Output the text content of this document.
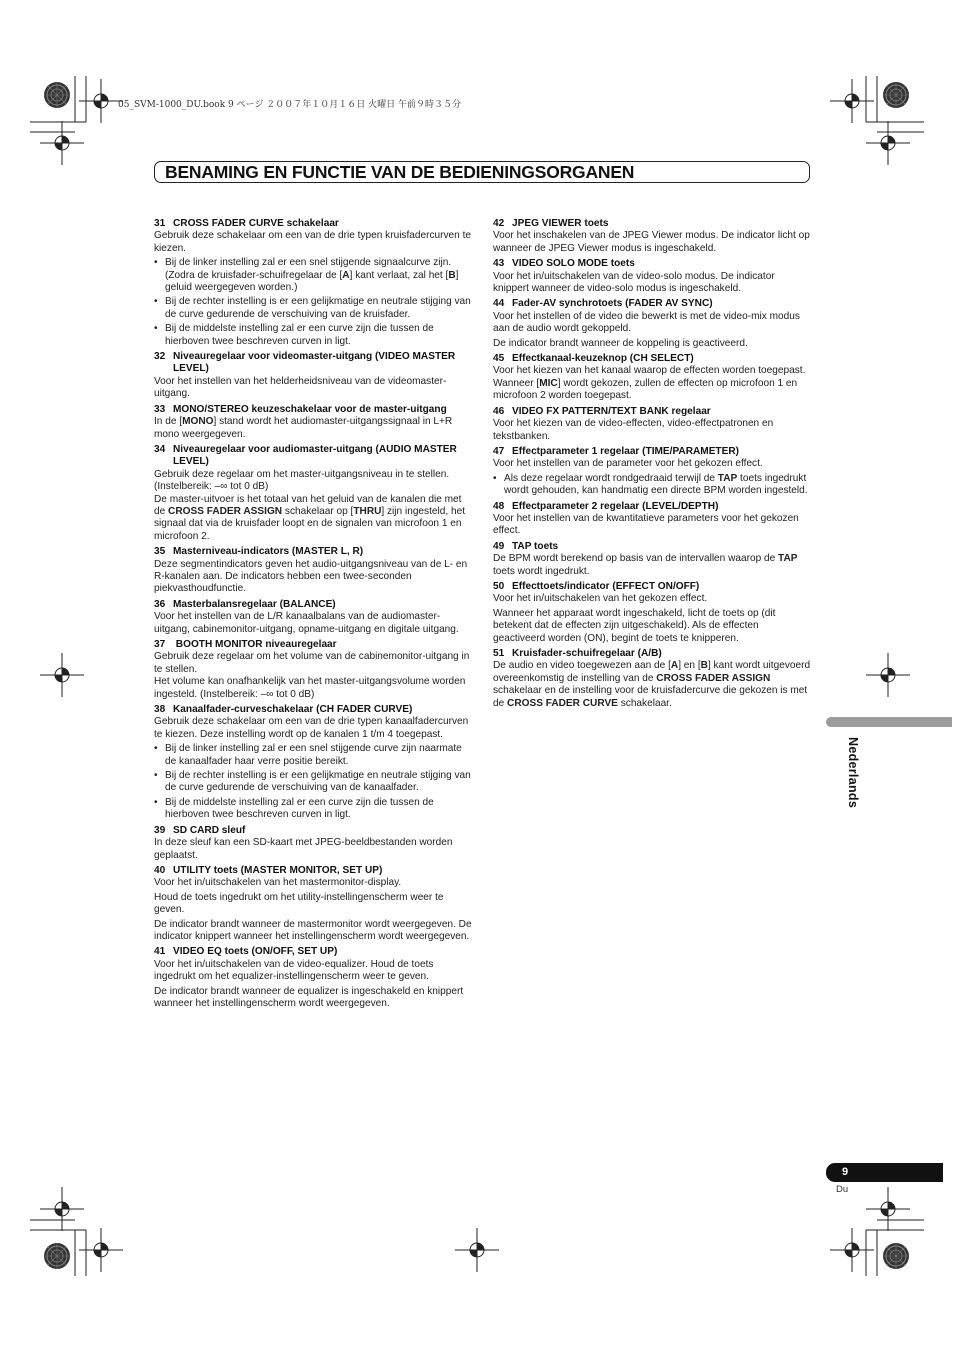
05_SVM-1000_DU.book 9 ページ ２００７年１０月１６日 火曜日 午前９時３５分
BENAMING EN FUNCTIE VAN DE BEDIENINGSORGANEN
31 CROSS FADER CURVE schakelaar
Gebruik deze schakelaar om een van de drie typen kruisfadercurven te kiezen.
• Bij de linker instelling zal er een snel stijgende signaalcurve zijn. (Zodra de kruisfader-schuifregelaar de [A] kant verlaat, zal het [B] geluid weergegeven worden.)
• Bij de rechter instelling is er een gelijkmatige en neutrale stijging van de curve gedurende de verschuiving van de kruisfader.
• Bij de middelste instelling zal er een curve zijn die tussen de hierboven twee beschreven curven in ligt.
32 Niveauregelaar voor videomaster-uitgang (VIDEO MASTER LEVEL)
Voor het instellen van het helderheidsniveau van de videomaster-uitgang.
33 MONO/STEREO keuzeschakelaar voor de master-uitgang
In de [MONO] stand wordt het audiomaster-uitgangssignaal in L+R mono weergegeven.
34 Niveauregelaar voor audiomaster-uitgang (AUDIO MASTER LEVEL)
Gebruik deze regelaar om het master-uitgangsniveau in te stellen. (Instelbereik: –∞ tot 0 dB)
De master-uitvoer is het totaal van het geluid van de kanalen die met de CROSS FADER ASSIGN schakelaar op [THRU] zijn ingesteld, het signaal dat via de kruisfader loopt en de signalen van microfoon 1 en microfoon 2.
35 Masterniveau-indicators (MASTER L, R)
Deze segmentindicators geven het audio-uitgangsniveau van de L- en R-kanalen aan. De indicators hebben een twee-seconden piekvasthoudfunctie.
36 Masterbalansregelaar (BALANCE)
Voor het instellen van de L/R kanaalbalans van de audiomaster-uitgang, cabinemonitor-uitgang, opname-uitgang en digitale uitgang.
37 BOOTH MONITOR niveauregelaar
Gebruik deze regelaar om het volume van de cabinemonitor-uitgang in te stellen.
Het volume kan onafhankelijk van het master-uitgangsvolume worden ingesteld. (Instelbereik: –∞ tot 0 dB)
38 Kanaalfader-curveschakelaar (CH FADER CURVE)
Gebruik deze schakelaar om een van de drie typen kanaalfadercurven te kiezen. Deze instelling wordt op de kanalen 1 t/m 4 toegepast.
• Bij de linker instelling zal er een snel stijgende curve zijn naarmate de kanaalfader haar verre positie bereikt.
• Bij de rechter instelling is er een gelijkmatige en neutrale stijging van de curve gedurende de verschuiving van de kanaalfader.
• Bij de middelste instelling zal er een curve zijn die tussen de hierboven twee beschreven curven in ligt.
39 SD CARD sleuf
In deze sleuf kan een SD-kaart met JPEG-beeldbestanden worden geplaatst.
40 UTILITY toets (MASTER MONITOR, SET UP)
Voor het in/uitschakelen van het mastermonitor-display.
Houd de toets ingedrukt om het utility-instellingenscherm weer te geven.
De indicator brandt wanneer de mastermonitor wordt weergegeven. De indicator knippert wanneer het instellingenscherm wordt weergegeven.
41 VIDEO EQ toets (ON/OFF, SET UP)
Voor het in/uitschakelen van de video-equalizer. Houd de toets ingedrukt om het equalizer-instellingenscherm weer te geven.
De indicator brandt wanneer de equalizer is ingeschakeld en knippert wanneer het instellingenscherm wordt weergegeven.
42 JPEG VIEWER toets
Voor het inschakelen van de JPEG Viewer modus. De indicator licht op wanneer de JPEG Viewer modus is ingeschakeld.
43 VIDEO SOLO MODE toets
Voor het in/uitschakelen van de video-solo modus. De indicator knippert wanneer de video-solo modus is ingeschakeld.
44 Fader-AV synchrotoets (FADER AV SYNC)
Voor het instellen of de video die bewerkt is met de video-mix modus aan de audio wordt gekoppeld.
De indicator brandt wanneer de koppeling is geactiveerd.
45 Effectkanaal-keuzeknop (CH SELECT)
Voor het kiezen van het kanaal waarop de effecten worden toegepast. Wanneer [MIC] wordt gekozen, zullen de effecten op microfoon 1 en microfoon 2 worden toegepast.
46 VIDEO FX PATTERN/TEXT BANK regelaar
Voor het kiezen van de video-effecten, video-effectpatronen en tekstbanken.
47 Effectparameter 1 regelaar (TIME/PARAMETER)
Voor het instellen van de parameter voor het gekozen effect.
• Als deze regelaar wordt rondgedraaid terwijl de TAP toets ingedrukt wordt gehouden, kan handmatig een directe BPM worden ingesteld.
48 Effectparameter 2 regelaar (LEVEL/DEPTH)
Voor het instellen van de kwantitatieve parameters voor het gekozen effect.
49 TAP toets
De BPM wordt berekend op basis van de intervallen waarop de TAP toets wordt ingedrukt.
50 Effecttoets/indicator (EFFECT ON/OFF)
Voor het in/uitschakelen van het gekozen effect.
Wanneer het apparaat wordt ingeschakeld, licht de toets op (dit betekent dat de effecten zijn uitgeschakeld). Als de effecten geactiveerd worden (ON), begint de toets te knipperen.
51 Kruisfader-schuifregelaar (A/B)
De audio en video toegewezen aan de [A] en [B] kant wordt uitgevoerd overeenkomstig de instelling van de CROSS FADER ASSIGN schakelaar en de instelling voor de kruisfadercurve die gekozen is met de CROSS FADER CURVE schakelaar.
Nederlands
9
Du
